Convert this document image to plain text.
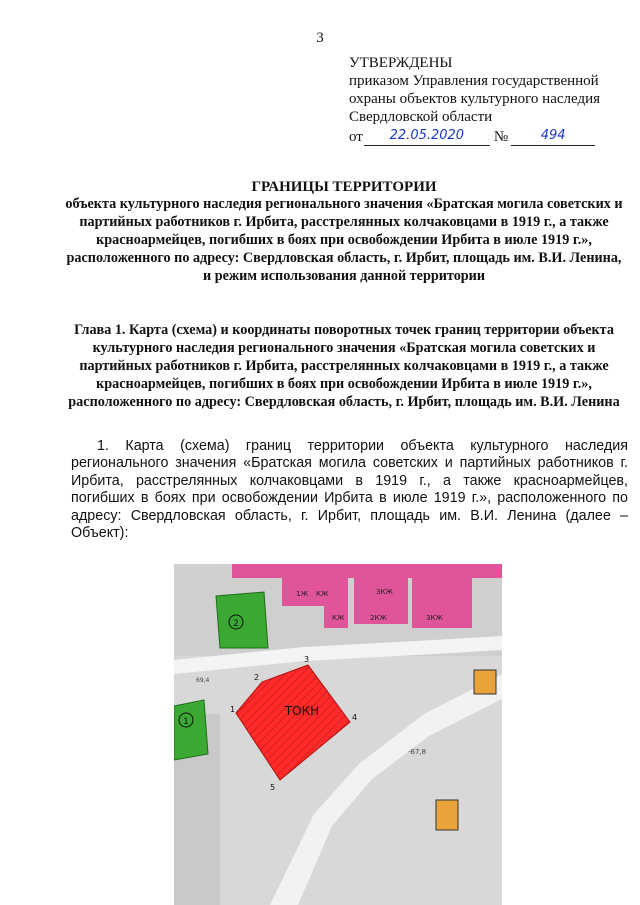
3
УТВЕРЖДЕНЫ
приказом Управления государственной
охраны объектов культурного наследия
Свердловской области
от	22.05.2020	№	494
ГРАНИЦЫ ТЕРРИТОРИИ
объекта культурного наследия регионального значения «Братская могила советских и партийных работников г. Ирбита, расстрелянных колчаковцами в 1919 г., а также красноармейцев, погибших в боях при освобождении Ирбита в июле 1919 г.», расположенного по адресу: Свердловская область, г. Ирбит, площадь им. В.И. Ленина, и режим использования данной территории
Глава 1. Карта (схема) и координаты поворотных точек границ территории объекта культурного наследия регионального значения «Братская могила советских и партийных работников г. Ирбита, расстрелянных колчаковцами в 1919 г., а также красноармейцев, погибших в боях при освобождении Ирбита в июле 1919 г.», расположенного по адресу: Свердловская область, г. Ирбит, площадь им. В.И. Ленина
1. Карта (схема) границ территории объекта культурного наследия регионального значения «Братская могила советских и партийных работников г. Ирбита, расстрелянных колчаковцами в 1919 г., а также красноармейцев, погибших в боях при освобождении Ирбита в июле 1919 г.», расположенного по адресу: Свердловская область, г. Ирбит, площадь им. В.И. Ленина (далее – Объект):
1Ж КЖ	3КЖ
КЖ	2КЖ	3КЖ
2
1
ТОКН
1
2
3
4
5
-67,8
69,4
